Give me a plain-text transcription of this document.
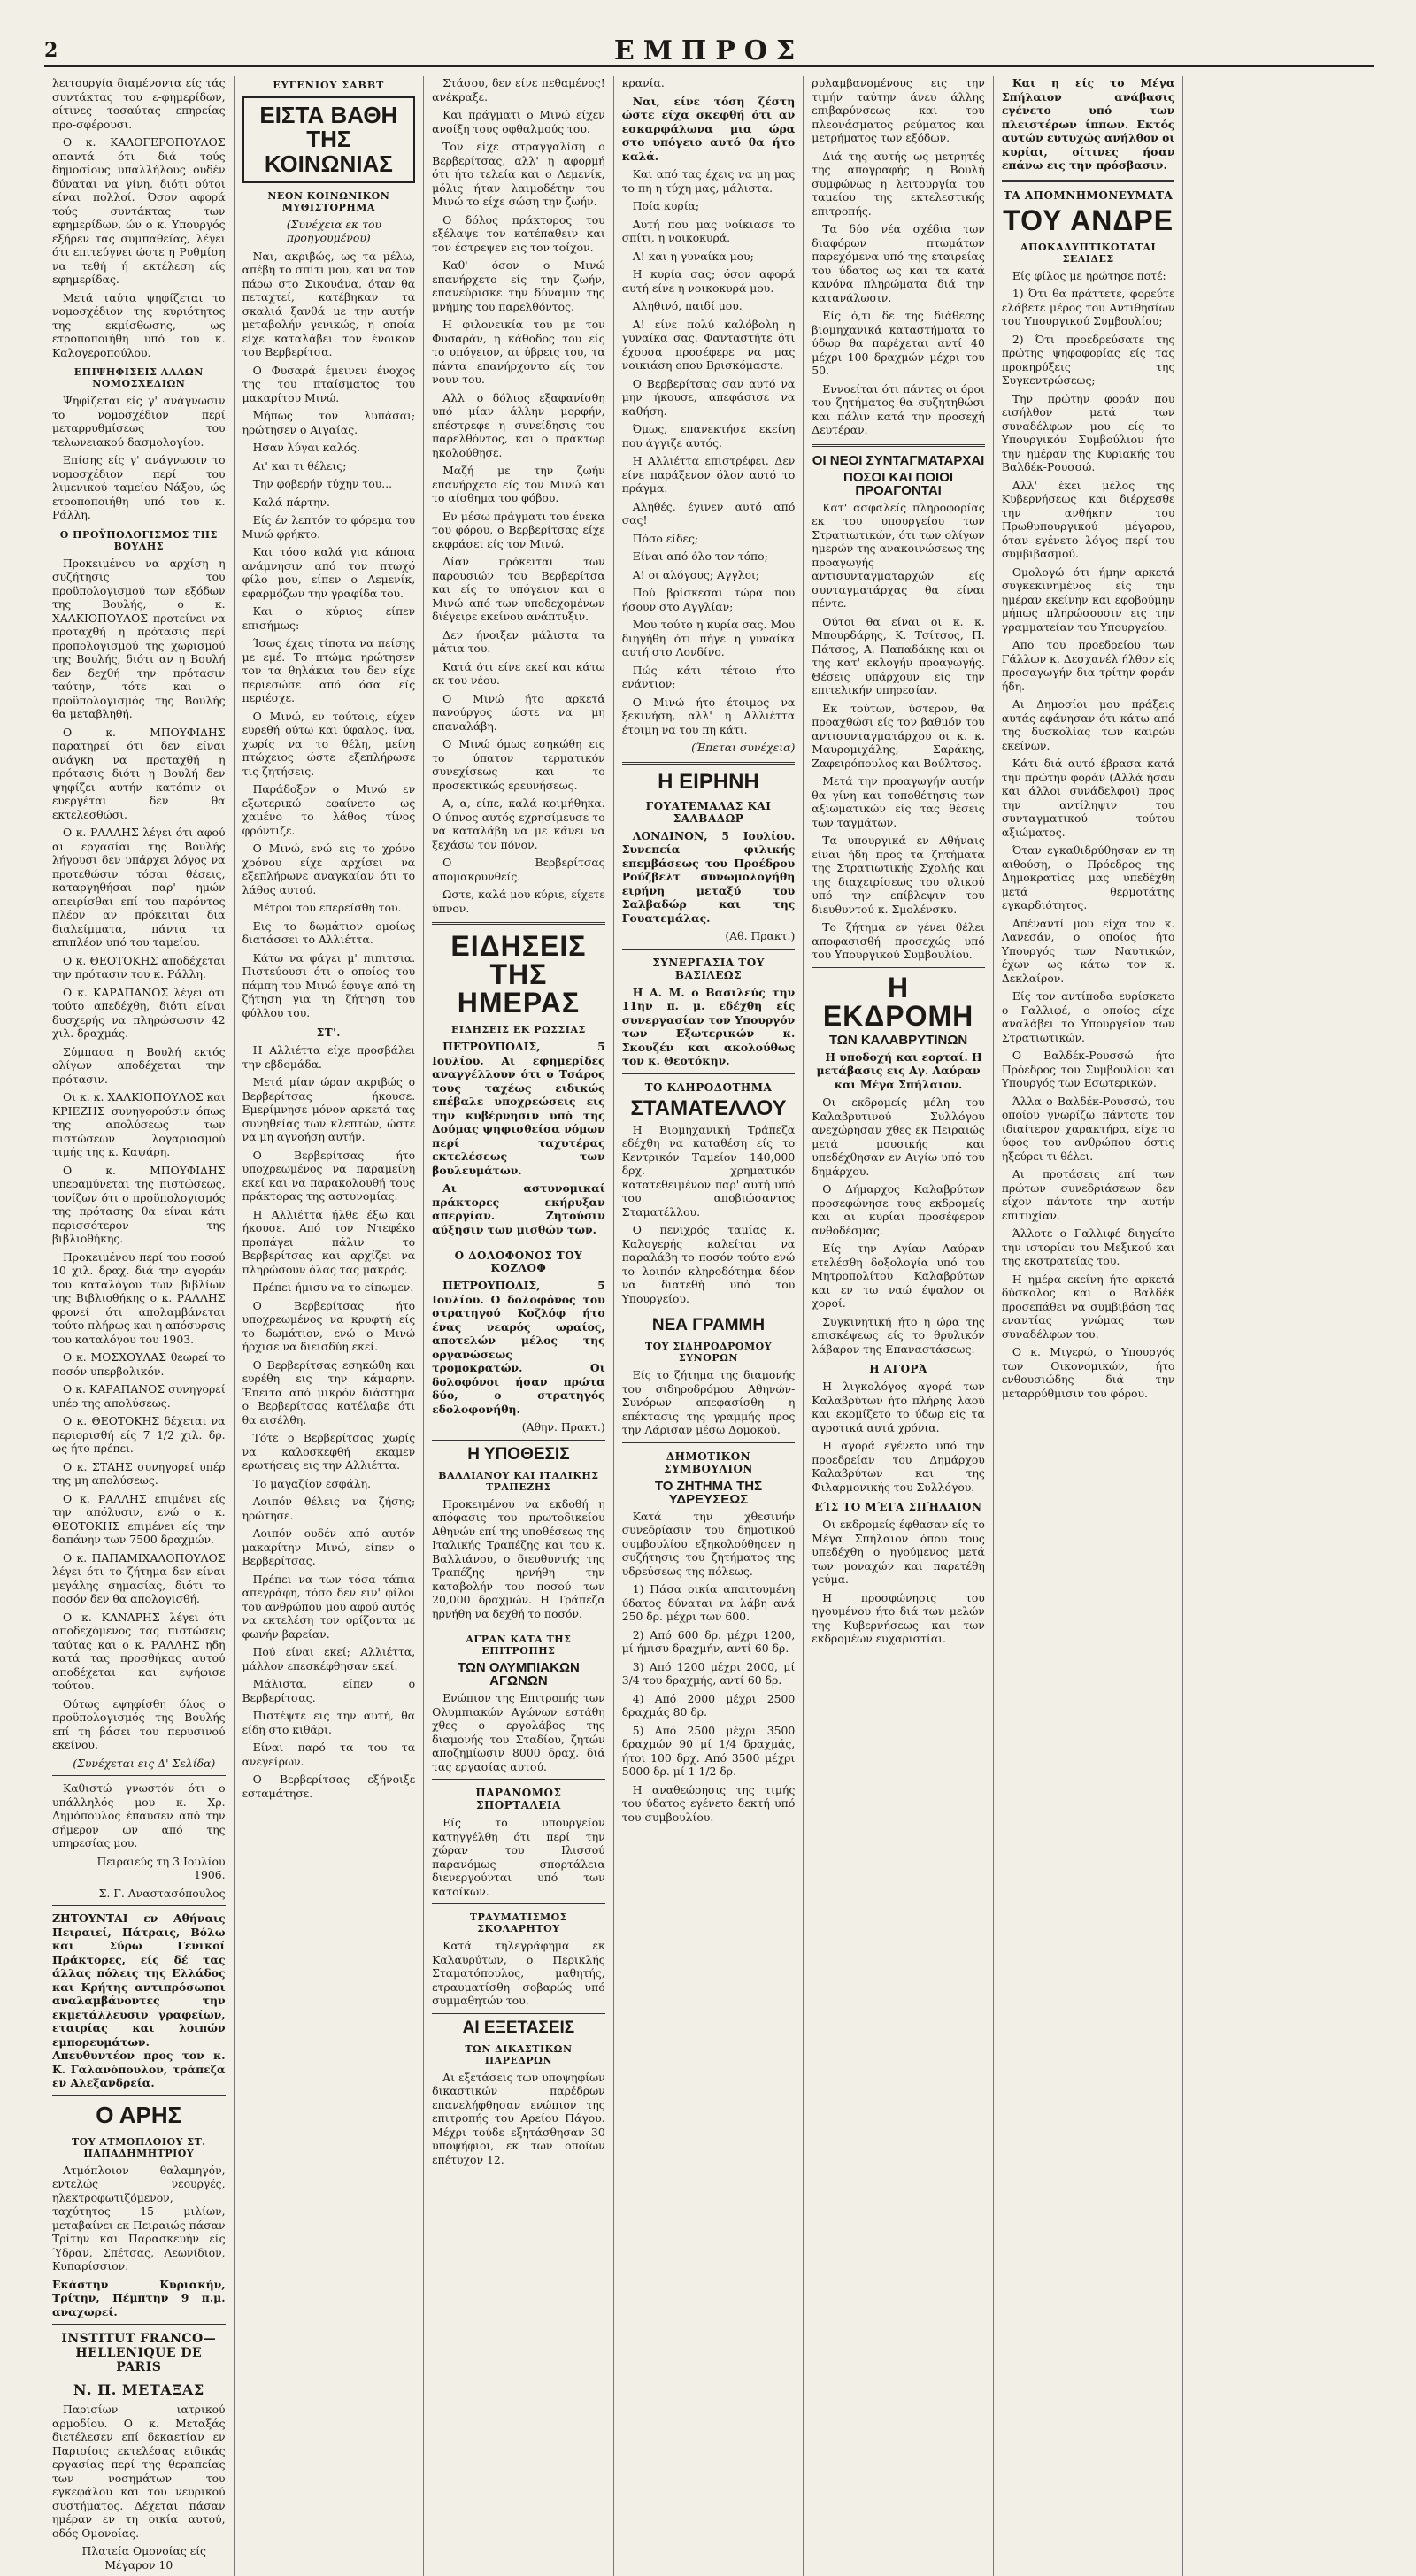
2	ΕΜΠΡΟΣ

λειτουργία διαμένοντα είς τάς συντάκτας του ε-φημερίδων, οίτινες τοσαύτας επηρείας προ-σφέρουσι.

Ο κ. ΚΑΛΟΓΕΡΟΠΟΥΛΟΣ απαντά ότι διά τούς δημοσίους υπαλλήλους ουδέν δύναται να γίνη, διότι ούτοι είναι πολλοί. Όσον αφορά τούς συντάκτας των εφημερίδων, ών ο κ. Υπουργός εξήρεν τας συμπαθείας, λέγει ότι επιτεύγνει ώστε η Ρυθμίση να τεθή ή εκτέλεση είς εφημερίδας.

Μετά ταύτα ψηφίζεται το νομοσχέδιον της κυριότητος της εκμίσθωσης, ως ετροποποιήθη υπό του κ. Καλογεροπούλου.

ΕΠΙΨΗΦΙΣΕΙΣ ΑΛΛΩΝ ΝΟΜΟΣΧΕΔΙΩΝ

Ψηφίζεται είς γ' ανάγνωσιν το νομοσχέδιον περί μεταρρυθμίσεως του τελωνειακού δασμολογίου.

Επίσης είς γ' ανάγνωσιν το νομοσχέδιον περί του λιμενικού ταμείου Νάξου, ώς ετροποποιήθη υπό του κ. Ράλλη.

Ο ΠΡΟΫΠΟΛΟΓΙΣΜΟΣ ΤΗΣ ΒΟΥΛΗΣ

Προκειμένου να αρχίση η συζήτησις του προϋπολογισμού των εξόδων της Βουλής, ο κ. ΧΑΛΚΙΟΠΟΥΛΟΣ προτείνει να προταχθή η πρότασις περί προπολογισμού της χωρισμού της Βουλής, διότι αν η Βουλή δεν δεχθή την πρότασιν ταύτην, τότε και ο προϋπολογισμός της Βουλής θα μεταβληθή.

Ο κ. ΜΠΟΥΦΙΔΗΣ παρατηρεί ότι δεν είναι ανάγκη να προταχθή η πρότασις διότι η Βουλή δεν ψηφίζει αυτήν κατόπιν οι ευεργέται δεν θα εκτελεσθώσι.

Ο κ. ΡΑΛΛΗΣ λέγει ότι αφού αι εργασίαι της Βουλής λήγουσι δεν υπάρχει λόγος να προτεθώσιν τόσαι θέσεις, καταργηθήσαι παρ' ημών απειρίσθαι επί του παρόντος πλέον αν πρόκειται δια διαλείμματα, πάντα τα επιπλέον υπό του ταμείου.

Ο κ. ΘΕΟΤΟΚΗΣ αποδέχεται την πρότασιν του κ. Ράλλη.

Ο κ. ΚΑΡΑΠΑΝΟΣ λέγει ότι τούτο απεδέχθη, διότι είναι δυσχερής να πληρώσωσιν 42 χιλ. δραχμάς.

Σύμπασα η Βουλή εκτός ολίγων αποδέχεται την πρότασιν.

Οι κ. κ. ΧΑΛΚΙΟΠΟΥΛΟΣ και ΚΡΙΕΖΗΣ συνηγορούσιν όπως της απολύσεως των πιστώσεων λογαριασμού τιμής της κ. Καψάρη.

Ο κ. ΜΠΟΥΦΙΔΗΣ υπεραμύνεται της πιστώσεως, τονίζων ότι ο προϋπολογισμός της πρότασης θα είναι κάτι περισσότερον της βιβλιοθήκης.

Προκειμένου περί του ποσού 10 χιλ. δραχ. διά την αγοράν του καταλόγου των βιβλίων της Βιβλιοθήκης ο κ. ΡΑΛΛΗΣ φρονεί ότι απολαμβάνεται τούτο πλήρως και η απόσυρσις του καταλόγου του 1903.

Ο κ. ΜΟΣΧΟΥΛΑΣ θεωρεί το ποσόν υπερβολικόν.

Ο κ. ΚΑΡΑΠΑΝΟΣ συνηγορεί υπέρ της απολύσεως.

Ο κ. ΘΕΟΤΟΚΗΣ δέχεται να περιορισθή είς 7 1/2 χιλ. δρ. ως ήτο πρέπει.

Ο κ. ΣΤΑΗΣ συνηγορεί υπέρ της μη απολύσεως.

Ο κ. ΡΑΛΛΗΣ επιμένει είς την απόλυσιν, ενώ ο κ. ΘΕΟΤΟΚΗΣ επιμένει είς την δαπάνην των 7500 δραχμών.

Ο κ. ΠΑΠΑΜΙΧΑΛΟΠΟΥΛΟΣ λέγει ότι το ζήτημα δεν είναι μεγάλης σημασίας, διότι το ποσόν δεν θα απολογισθή.

Ο κ. ΚΑΝΑΡΗΣ λέγει ότι αποδεχόμενος τας πιστώσεις ταύτας και ο κ. ΡΑΛΛΗΣ ηδη κατά τας προσθήκας αυτού αποδέχεται και εψήφισε τούτου.

Ούτως εψηφίσθη όλος ο προϋπολογισμός της Βουλής επί τη βάσει του περυσινού εκείνου.

(Συνέχεται εις Δ' Σελίδα)

Καθιστώ γνωστόν ότι ο υπάλληλός μου κ. Χρ. Δημόπουλος έπαυσεν από την σήμερον ων από της υπηρεσίας μου.

Πειραιεύς τη 3 Ιουλίου 1906.

Σ. Γ. Αναστασόπουλος

ΖΗΤΟΥΝΤΑΙ εν Αθήναις Πειραιεί, Πάτραις, Βόλω και Σύρω Γενικοί Πράκτορες, είς δέ τας άλλας πόλεις της Ελλάδος και Κρήτης αντιπρόσωποι αναλαμβάνοντες την εκμετάλλευσιν γραφείων, εταιρίας και λοιπών εμπορευμάτων. Απευθυντέον προς τον κ. Κ. Γαλανόπουλον, τράπεζα εν Αλεξανδρεία.

Ο ΑΡΗΣ
ΤΟΥ ΑΤΜΟΠΛΟΙΟΥ ΣΤ. ΠΑΠΑΔΗΜΗΤΡΙΟΥ

Ατμόπλοιον θαλαμηγόν, εντελώς νεουργές, ηλεκτροφωτιζόμενον, ταχύτητος 15 μιλίων, μεταβαίνει εκ Πειραιώς πάσαν Τρίτην και Παρασκευήν είς Ύδραν, Σπέτσας, Λεωνίδιον, Κυπαρίσσιον.

Εκάστην Κυριακήν, Τρίτην, Πέμπτην 9 π.μ. αναχωρεί.

INSTITUT FRANCO—HELLENIQUE DE PARIS
Ν. Π. ΜΕΤΑΞΑΣ

Παρισίων ιατρικού αρμοδίου. Ο κ. Μεταξάς διετέλεσεν επί δεκαετίαν εν Παρισίοις εκτελέσας ειδικάς εργασίας περί της θεραπείας των νοσημάτων του εγκεφάλου και του νευρικού συστήματος. Δέχεται πάσαν ημέραν εν τη οικία αυτού, οδός Ομονοίας.

Πλατεία Ομονοίας είς Μέγαρον 10

ΕΥΓΕΝΙΟΥ ΣΑΒΒΤ
ΕΙΣΤΑ ΒΑΘΗ ΤΗΣ ΚΟΙΝΩΝΙΑΣ
ΝΕΟΝ ΚΟΙΝΩΝΙΚΟΝ ΜΥΘΙΣΤΟΡΗΜΑ

(Συνέχεια εκ του προηγουμένου)

Ναι, ακριβώς, ως τα μέλω, απέβη το σπίτι μου, και να τον πάρω στο Σικουάνα, όταν θα πεταχτεί, κατέβηκαν τα σκαλιά ξανθά με την αυτήν μεταβολήν γενικώς, η οποία είχε καταλάβει τον ένοικον του Βερβερίτσα.

Ο Φυσαρά έμεινεν ένοχος της του πταίσματος του μακαρίτου Μινώ.

Μήπως τον λυπάσαι; ηρώτησεν ο Αιγαίας.

Ησαν λύγαι καλός.

Αι' και τι θέλεις;

Την φοβερήν τύχην του...

Καλά πάρτην.

Είς έν λεπτόν το φόρεμα του Μινώ φρήκτο.

Και τόσο καλά για κάποια ανάμνησιν από τον πτωχό φίλο μου, είπεν ο Λεμενίκ, εφαρμόζων την γραφίδα του.

Και ο κύριος είπεν επισήμως:

Ίσως έχεις τίποτα να πείσης με εμέ. Το πτώμα ηρώτησεν τον τα θηλάκια του δεν είχε περιεσώσε από όσα είς περιέσχε.

Ο Μινώ, εν τούτοις, είχεν ευρεθή ούτω και ύφαλος, ίνα, χωρίς να το θέλη, μείνη πτώχειος ώστε εξεπλήρωσε τις ζητήσεις.

Παράδοξον ο Μινώ εν εξωτερικώ εφαίνετο ως χαμένο το λάθος τίνος φρόντιζε.

Ο Μινώ, ενώ εις το χρόνο χρόνου είχε αρχίσει να εξεπλήρωνε αναγκαίαν ότι το λάθος αυτού.

Μέτροι του επερείσθη του.

Εις το δωμάτιον ομοίως διατάσσει το Αλλιέττα.

Κάτω να φάγει μ' πιπιτσια. Πιστεύουσι ότι ο οποίος του πάμπη του Μινώ έφυγε από τη ζήτηση για τη ζήτηση του φύλλου του.

ΣΤ'.

Η Αλλιέττα είχε προσβάλει την εβδομάδα.

Μετά μίαν ώραν ακριβώς ο Βερβερίτσας ήκουσε. Εμερίμνησε μόνον αρκετά τας συνηθείας των κλεπτών, ώστε να μη αγνοήση αυτήν.

Ο Βερβερίτσας ήτο υποχρεωμένος να παραμείνη εκεί και να παρακολουθή τους πράκτορας της αστυνομίας.

Η Αλλιέττα ήλθε έξω και ήκουσε. Από τον Ντεφέκο προπάγει πάλιν το Βερβερίτσας και αρχίζει να πληρώσουν όλας τας μακράς.

Πρέπει ήμισυ να το είπωμεν.

Ο Βερβερίτσας ήτο υποχρεωμένος να κρυφτή είς το δωμάτιον, ενώ ο Μινώ ήρχισε να διεισδύη εκεί.

Ο Βερβερίτσας εσηκώθη και ευρέθη εις την κάμαρην. Έπειτα από μικρόν διάστημα ο Βερβερίτσας κατέλαβε ότι θα εισέλθη.

Τότε ο Βερβερίτσας χωρίς να καλοσκεφθή εκαμεν ερωτήσεις εις την Αλλιέττα.

Το μαγαζίον εσφάλη.

Λοιπόν θέλεις να ζήσης; ηρώτησε.

Λοιπόν ουδέν από αυτόν μακαρίτην Μινώ, είπεν ο Βερβερίτσας.

Πρέπει να των τόσα τάπια απεγράφη, τόσο δεν ειν' φίλοι του ανθρώπου μου αφού αυτός να εκτελέση τον ορίζοντα με φωνήν βαρείαν.

Πού είναι εκεί; Αλλιέττα, μάλλον επεσκέφθησαν εκεί.

Μάλιστα, είπεν ο Βερβερίτσας.

Πιστέψτε εις την αυτή, θα είδη στο κιθάρι.

Είναι παρό τα του τα ανεγείρων.

Ο Βερβερίτσας εξήνοιξε εσταμάτησε.

Στάσου, δεν είνε πεθαμένος! ανέκραξε.

Και πράγματι ο Μινώ είχεν ανοίξη τους οφθαλμούς του.

Τον είχε στραγγαλίση ο Βερβερίτσας, αλλ' η αφορμή ότι ήτο τελεία και ο Λεμενίκ, μόλις ήταν λαιμοδέτην του Μινώ το είχε σώση την ζωήν.

Ο δόλος πράκτορος του εξέλαψε τον κατέπαθειν και τον έστρεψεν εις τον τοίχον.

Καθ' όσον ο Μινώ επανήρχετο είς την ζωήν, επανεύρισκε την δύναμιν της μνήμης του παρελθόντος.

Η φιλονεικία του με τον Φυσαράν, η κάθοδος του είς το υπόγειον, αι ύβρεις του, τα πάντα επανήρχοντο είς τον νουν του.

Αλλ' ο δόλιος εξαφανίσθη υπό μίαν άλλην μορφήν, επέστρεφε η συνείδησις του παρελθόντος, και ο πράκτωρ ηκολούθησε.

Μαζή με την ζωήν επανήρχετο είς τον Μινώ και το αίσθημα του φόβου.

Εν μέσω πράγματι του ένεκα του φόρου, ο Βερβερίτσας είχε εκφράσει είς τον Μινώ.

Λίαν πρόκειται των παρουσιών του Βερβερίτσα και είς το υπόγειον και ο Μινώ από των υποδεχομένων διέγειρε εκείνου ανάπτυξιν.

Δεν ήνοιξεν μάλιστα τα μάτια του.

Κατά ότι είνε εκεί και κάτω εκ του νέου.

Ο Μινώ ήτο αρκετά πανούργος ώστε να μη επαναλάβη.

Ο Μινώ όμως εσηκώθη εις το ύπατον τερματικόν συνεχίσεως και το προσεκτικώς ερευνήσεως.

Α, α, είπε, καλά κοιμήθηκα. Ο ύπνος αυτός εχρησίμευσε το να καταλάβη να με κάνει να ξεχάσω τον πόνον.

Ο Βερβερίτσας απομακρυνθείς.

Ωστε, καλά μου κύριε, είχετε ύπνον.

ΕΙΔΗΣΕΙΣ ΤΗΣ ΗΜΕΡΑΣ
ΕΙΔΗΣΕΙΣ ΕΚ ΡΩΣΣΙΑΣ

ΠΕΤΡΟΥΠΟΛΙΣ, 5 Ιουλίου. Αι εφημερίδες αναγγέλλουν ότι ο Τσάρος τους ταχέως ειδικώς επέβαλε υποχρεώσεις εις την κυβέρνησιν υπό της Δούμας ψηφισθείσα νόμων περί ταχυτέρας εκτελέσεως των βουλευμάτων.

Αι αστυνομικαί πράκτορες εκήρυξαν απεργίαν. Ζητούσιν αύξησιν των μισθών των.

Ο ΔΟΛΟΦΟΝΟΣ ΤΟΥ ΚΟΖΛΟΦ

ΠΕΤΡΟΥΠΟΛΙΣ, 5 Ιουλίου. Ο δολοφόνος του στρατηγού Κοζλόφ ήτο ένας νεαρός ωραίος, αποτελών μέλος της οργανώσεως τρομοκρατών. Οι δολοφόνοι ήσαν πρώτα δύο, ο στρατηγός εδολοφονήθη.

(Αθην. Πρακτ.)

Η ΥΠΟΘΕΣΙΣ
ΒΑΛΛΙΑΝΟΥ ΚΑΙ ΙΤΑΛΙΚΗΣ ΤΡΑΠΕΖΗΣ

Προκειμένου να εκδοθή η απόφασις του πρωτοδικείου Αθηνών επί της υποθέσεως της Ιταλικής Τραπέζης και του κ. Βαλλιάνου, ο διευθυντής της Τραπέζης ηρνήθη την καταβολήν του ποσού των 20,000 δραχμών. Η Τράπεζα ηρνήθη να δεχθή το ποσόν.

ΑΓΡΑΝ ΚΑΤΑ ΤΗΣ ΕΠΙΤΡΟΠΗΣ
ΤΩΝ ΟΛΥΜΠΙΑΚΩΝ ΑΓΩΝΩΝ

Ενώπιον της Επιτροπής των Ολυμπιακών Αγώνων εστάθη χθες ο εργολάβος της διαμονής του Σταδίου, ζητών αποζημίωσιν 8000 δραχ. διά τας εργασίας αυτού.

ΠΑΡΑΝΟΜΟΣ ΣΠΟΡΤΑΛΕΙΑ

Είς το υπουργείον κατηγγέλθη ότι περί την χώραν του Ιλισσού παρανόμως σπορτάλεια διενεργούνται υπό των κατοίκων.

ΤΡΑΥΜΑΤΙΣΜΟΣ ΣΚΟΛΑΡΗΤΟΥ

Κατά τηλεγράφημα εκ Καλαυρύτων, ο Περικλής Σταματόπουλος, μαθητής, ετραυματίσθη σοβαρώς υπό συμμαθητών του.

ΑΙ ΕΞΕΤΑΣΕΙΣ
ΤΩΝ ΔΙΚΑΣΤΙΚΩΝ ΠΑΡΕΔΡΩΝ

Αι εξετάσεις των υποψηφίων δικαστικών παρέδρων επανελήφθησαν ενώπιον της επιτροπής του Αρείου Πάγου. Μέχρι τούδε εξητάσθησαν 30 υποψήφιοι, εκ των οποίων επέτυχον 12.

κρανία.

Ναι, είνε τόση ζέστη ώστε είχα σκεφθή ότι αν εσκαρφάλωνα μια ώρα στο υπόγειο αυτό θα ήτο καλά.

Και από τας έχεις να μη μας το πη η τύχη μας, μάλιστα.

Ποία κυρία;

Αυτή που μας νοίκιασε το σπίτι, η νοικοκυρά.

Α! και η γυναίκα μου;

Η κυρία σας; όσον αφορά αυτή είνε η νοικοκυρά μου.

Αληθινό, παιδί μου.

Α! είνε πολύ καλόβολη η γυναίκα σας. Φανταστήτε ότι έχουσα προσέφερε να μας νοικιάση οπου Βρισκόμαστε.

Ο Βερβερίτσας σαν αυτό να μην ήκουσε, απεφάσισε να καθήση.

Όμως, επανεκτήσε εκείνη που άγγιζε αυτός.

Η Αλλιέττα επιστρέφει. Δεν είνε παράξενον όλον αυτό το πράγμα.

Αληθές, έγινεν αυτό από σας!

Πόσο είδες;

Είναι από όλο τον τόπο;

Α! οι αλόγους; Αγγλοι;

Πού βρίσκεσαι τώρα που ήσουν στο Αγγλίαν;

Μου τούτο η κυρία σας. Μου διηγήθη ότι πήγε η γυναίκα αυτή στο Λονδίνο.

Πώς κάτι τέτοιο ήτο ενάντιον;

Ο Μινώ ήτο έτοιμος να ξεκινήση, αλλ' η Αλλιέττα έτοιμη να του πη κάτι.

(Έπεται συνέχεια)

Η ΕΙΡΗΝΗ
ΓΟΥΑΤΕΜΑΛΑΣ ΚΑΙ ΣΑΛΒΑΔΩΡ

ΛΟΝΔΙΝΟΝ, 5 Ιουλίου. Συνεπεία φιλικής επεμβάσεως του Προέδρου Ρούζβελτ συνωμολογήθη ειρήνη μεταξύ του Σαλβαδώρ και της Γουατεμάλας.

(Αθ. Πρακτ.)

ΣΥΝΕΡΓΑΣΙΑ ΤΟΥ ΒΑΣΙΛΕΩΣ

Η Α. Μ. ο Βασιλεύς την 11ην π. μ. εδέχθη είς συνεργασίαν τον Υπουργόν των Εξωτερικών κ. Σκουζέν και ακολούθως τον κ. Θεοτόκην.

ΤΟ ΚΛΗΡΟΔΟΤΗΜΑ
ΣΤΑΜΑΤΕΛΛΟΥ

Η Βιομηχανική Τράπεζα εδέχθη να καταθέση είς το Κεντρικόν Ταμείον 140,000 δρχ. χρηματικόν κατατεθειμένον παρ' αυτή υπό του αποβιώσαντος Σταματέλλου.

Ο πενιχρός ταμίας κ. Καλογερής καλείται να παραλάβη το ποσόν τούτο ενώ το λοιπόν κληροδότημα δέον να διατεθή υπό του Υπουργείου.

ΝΕΑ ΓΡΑΜΜΗ
ΤΟΥ ΣΙΔΗΡΟΔΡΟΜΟΥ ΣΥΝΟΡΩΝ

Είς το ζήτημα της διαμονής του σιδηροδρόμου Αθηνών-Συνόρων απεφασίσθη η επέκτασις της γραμμής προς την Λάρισαν μέσω Δομοκού.

ΔΗΜΟΤΙΚΟΝ ΣΥΜΒΟΥΛΙΟΝ
ΤΟ ΖΗΤΗΜΑ ΤΗΣ ΥΔΡΕΥΣΕΩΣ

Κατά την χθεσινήν συνεδρίασιν του δημοτικού συμβουλίου εξηκολούθησεν η συζήτησις του ζητήματος της υδρεύσεως της πόλεως.

1) Πάσα οικία απαιτουμένη ύδατος δύναται να λάβη ανά 250 δρ. μέχρι των 600.

2) Από 600 δρ. μέχρι 1200, μί ήμισυ δραχμήν, αντί 60 δρ.

3) Από 1200 μέχρι 2000, μί 3/4 του δραχμής, αντί 60 δρ.

4) Από 2000 μέχρι 2500 δραχμάς 80 δρ.

5) Από 2500 μέχρι 3500 δραχμών 90 μί 1/4 δραχμάς, ήτοι 100 δρχ. Από 3500 μέχρι 5000 δρ. μί 1 1/2 δρ.

Η αναθεώρησις της τιμής του ύδατος εγένετο δεκτή υπό του συμβουλίου.

ρυλαμβανομένους εις την τιμήν ταύτην άνευ άλλης επιβαρύνσεως και του πλεονάσματος ρεύματος και μετρήματος των εξόδων.

Διά της αυτής ως μετρητές της απογραφής η Βουλή συμφώνως η λειτουργία του ταμείου της εκτελεστικής επιτροπής.

Τα δύο νέα σχέδια των διαφόρων πτωμάτων παρεχόμενα υπό της εταιρείας του ύδατος ως και τα κατά κανόνα πληρώματα διά την κατανάλωσιν.

Είς ό,τι δε της διάθεσης βιομηχανικά καταστήματα το ύδωρ θα παρέχεται αντί 40 μέχρι 100 δραχμών μέχρι του 50.

Εννοείται ότι πάντες οι όροι του ζητήματος θα συζητηθώσι και πάλιν κατά την προσεχή Δευτέραν.

ΟΙ ΝΕΟΙ ΣΥΝΤΑΓΜΑΤΑΡΧΑΙ
ΠΟΣΟΙ ΚΑΙ ΠΟΙΟΙ ΠΡΟΑΓΟΝΤΑΙ

Κατ' ασφαλείς πληροφορίας εκ του υπουργείου των Στρατιωτικών, ότι των ολίγων ημερών της ανακοινώσεως της προαγωγής αντισυνταγματαρχών είς συνταγματάρχας θα είναι πέντε.

Ούτοι θα είναι οι κ. κ. Μπουρδάρης, Κ. Τσίτσος, Π. Πάτσος, Α. Παπαδάκης και οι της κατ' εκλογήν προαγωγής. Θέσεις υπάρχουν είς την επιτελικήν υπηρεσίαν.

Εκ τούτων, ύστερον, θα προαχθώσι είς τον βαθμόν του αντισυνταγματάρχου οι κ. κ. Μαυρομιχάλης, Σαράκης, Ζαφειρόπουλος και Βούλτσος.

Μετά την προαγωγήν αυτήν θα γίνη και τοποθέτησις των αξιωματικών είς τας θέσεις των ταγμάτων.

Τα υπουργικά εν Αθήναις είναι ήδη προς τα ζητήματα της Στρατιωτικής Σχολής και της διαχειρίσεως του υλικού υπό την επίβλεψιν του διευθυντού κ. Σμολένσκυ.

Το ζήτημα εν γένει θέλει αποφασισθή προσεχώς υπό του Υπουργικού Συμβουλίου.

Η ΕΚΔΡΟΜΗ
ΤΩΝ ΚΑΛΑΒΡΥΤΙΝΩΝ

Η υποδοχή και εορταί. Η μετάβασις εις Αγ. Λαύραν και Μέγα Σπήλαιον.

Οι εκδρομείς μέλη του Καλαβρυτινού Συλλόγου ανεχώρησαν χθες εκ Πειραιώς μετά μουσικής και υπεδέχθησαν εν Αιγίω υπό του δημάρχου.

Ο Δήμαρχος Καλαβρύτων προσεφώνησε τους εκδρομείς και αι κυρίαι προσέφερον ανθοδέσμας.

Είς την Αγίαν Λαύραν ετελέσθη δοξολογία υπό του Μητροπολίτου Καλαβρύτων και εν τω ναώ έψαλον οι χοροί.

Συγκινητική ήτο η ώρα της επισκέψεως είς το θρυλικόν λάβαρον της Επαναστάσεως.

Η ΑΓΟΡΆ

Η λιγκολόγος αγορά των Καλαβρύτων ήτο πλήρης λαού και εκομίζετο το ύδωρ είς τα αγροτικά αυτά χρόνια.

Η αγορά εγένετο υπό την προεδρείαν του Δημάρχου Καλαβρύτων και της Φιλαρμονικής του Συλλόγου.

ΕΊΣ ΤΟ ΜΈΓΑ ΣΠΉΛΑΙΟΝ

Οι εκδρομείς έφθασαν είς το Μέγα Σπήλαιον όπου τους υπεδέχθη ο ηγούμενος μετά των μοναχών και παρετέθη γεύμα.

Η προσφώνησις του ηγουμένου ήτο διά των μελών της Κυβερνήσεως και των εκδρομέων ευχαριστίαι.

Και η είς το Μέγα Σπήλαιον ανάβασις εγένετο υπό των πλειστέρων ίππων. Εκτός αυτών ευτυχώς ανήλθον οι κυρίαι, οίτινες ήσαν επάνω εις την πρόσβασιν.

ΤΑ ΑΠΟΜΝΗΜΟΝΕΥΜΑΤΑ
ΤΟΥ ΑΝΔΡΕ
ΑΠΟΚΑΛΥΠΤΙΚΩΤΑΤΑΙ ΣΕΛΙΔΕΣ

Είς φίλος με ηρώτησε ποτέ:

1) Ότι θα πράττετε, φορεύτε ελάβετε μέρος του Αντιθησίων του Υπουργικού Συμβουλίου;

2) Ότι προεδρεύσατε της πρώτης ψηφοφορίας είς τας προκηρύξεις της Συγκεντρώσεως;

Την πρώτην φοράν που εισήλθον μετά των συναδέλφων μου είς το Υπουργικόν Συμβούλιον ήτο την ημέραν της Κυριακής του Βαλδέκ-Ρουσσώ.

Αλλ' έκει μέλος της Κυβερνήσεως και διέρχεσθε την ανθήκην του Πρωθυπουργικού μέγαρου, όταν εγένετο λόγος περί του συμβιβασμού.

Ομολογώ ότι ήμην αρκετά συγκεκινημένος είς την ημέραν εκείνην και εφοβούμην μήπως πληρώσουσιν εις την γραμματείαν του Υπουργείου.

Απο του προεδρείου των Γάλλων κ. Δεσχανέλ ήλθον είς προσαγωγήν δια τρίτην φοράν ήδη.

Αι Δημοσίοι μου πράξεις αυτάς εφάνησαν ότι κάτω από της δυσκολίας των καιρών εκείνων.

Κάτι διά αυτό έβρασα κατά την πρώτην φοράν (Αλλά ήσαν και άλλοι συνάδελφοι) προς την αντίληψιν του συνταγματικού τούτου αξιώματος.

Όταν εγκαθιδρύθησαν εν τη αιθούσῃ, ο Πρόεδρος της Δημοκρατίας μας υπεδέχθη μετά θερμοτάτης εγκαρδιότητος.

Απέναντί μου είχα τον κ. Λανεσάν, ο οποίος ήτο Υπουργός των Ναυτικών, έχων ως κάτω τον κ. Δεκλαίρον.

Είς τον αντίποδα ευρίσκετο ο Γαλλιφέ, ο οποίος είχε αναλάβει το Υπουργείον των Στρατιωτικών.

Ο Βαλδέκ-Ρουσσώ ήτο Πρόεδρος του Συμβουλίου και Υπουργός των Εσωτερικών.

Άλλα ο Βαλδέκ-Ρουσσώ, του οποίου γνωρίζω πάντοτε τον ιδιαίτερον χαρακτήρα, είχε το ύφος του ανθρώπου όστις ηξεύρει τι θέλει.

Αι προτάσεις επί των πρώτων συνεδριάσεων δεν είχον πάντοτε την αυτήν επιτυχίαν.

Άλλοτε ο Γαλλιφέ διηγείτο την ιστορίαν του Μεξικού και της εκστρατείας του.

Η ημέρα εκείνη ήτο αρκετά δύσκολος και ο Βαλδέκ προσεπάθει να συμβιβάση τας εναντίας γνώμας των συναδέλφων του.

Ο κ. Μιγερώ, ο Υπουργός των Οικονομικών, ήτο ενθουσιώδης διά την μεταρρύθμισιν του φόρου.
